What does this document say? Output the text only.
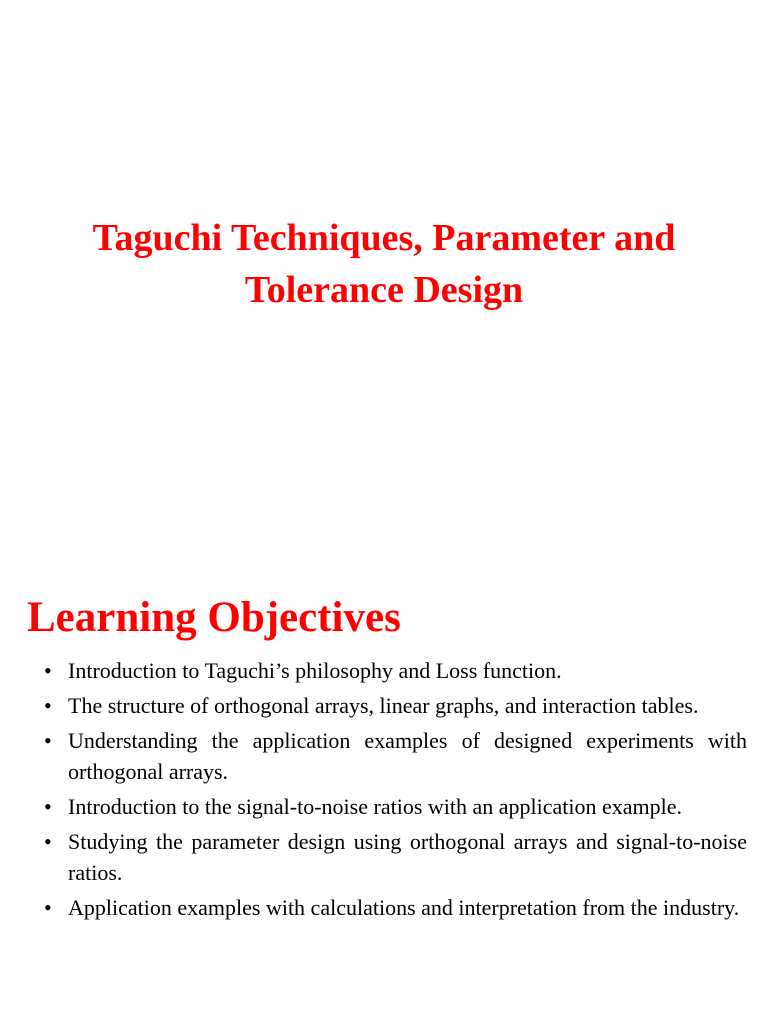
Taguchi Techniques, Parameter and
Tolerance Design
Learning Objectives
• Introduction to Taguchi’s philosophy and Loss function.
• The structure of orthogonal arrays, linear graphs, and interaction tables.
• Understanding the application examples of designed experiments with orthogonal arrays.
• Introduction to the signal-to-noise ratios with an application example.
• Studying the parameter design using orthogonal arrays and signal-to-noise ratios.
• Application examples with calculations and interpretation from the industry.
